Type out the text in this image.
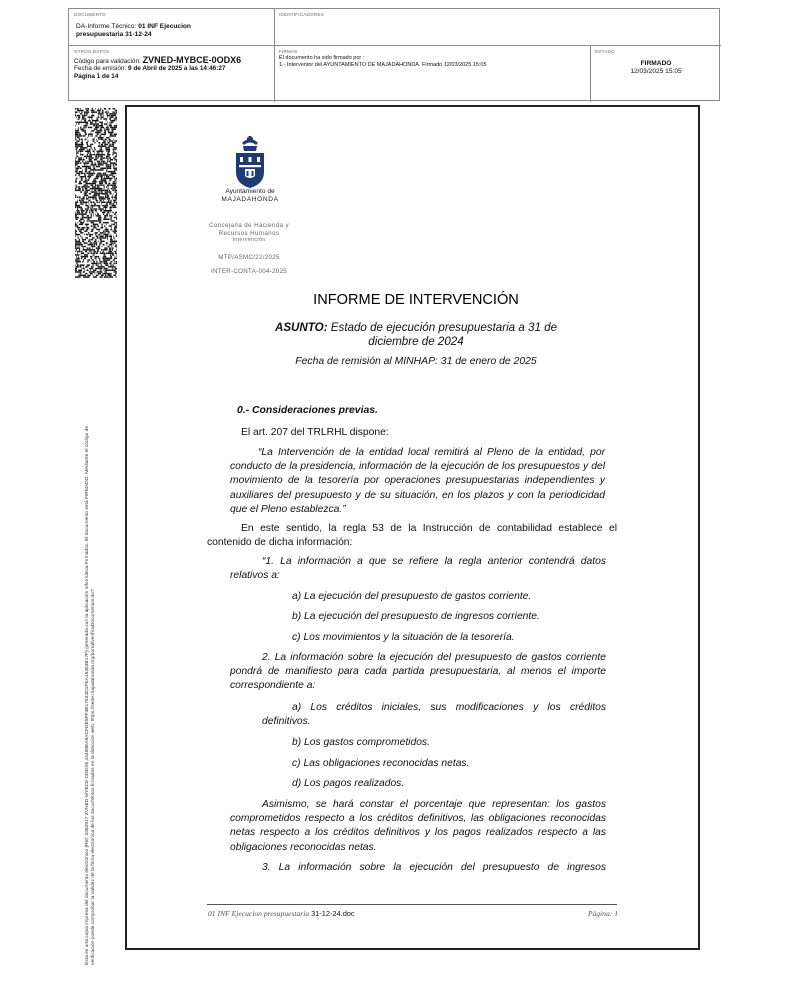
DOCUMENTO
DA-Informe Técnico: 01 INF Ejecucion presupuestaria 31-12-24
IDENTIFICADORES
OTROS DATOS
Código para validación: ZVNED-MYBCE-0ODX6
Fecha de emisión: 9 de Abril de 2025 a las 14:46:27
Página 1 de 14
FIRMAS
El documento ha sido firmado por :
1.- Interventor del AYUNTAMIENTO DE MAJADAHONDA. Firmado 12/03/2025 15:05
ESTADO
FIRMADO
12/03/2025 15:05
Esta es una copia impresa del documento electrónico (Ref: 3462917 ZVNED-MYBCE-0ODX6 44459EA9ACFDE5FF3B17634D1FEA15453B17F) generada con la aplicación informática Firmadoc. El documento está FIRMADO. Mediante el código de verificación puede comprobar la validez de la firma electrónica de los documentos firmados en la dirección web: https://sede.majadahonda.org/portal/verificaDocumentos.do?
Ayuntamiento de
MAJADAHONDA
Concejalía de Hacienda y
Recursos Humanos
Intervención
MTP/ASMC/22/2025
INTER-CONTA-004-2025
INFORME DE INTERVENCIÓN
ASUNTO: Estado de ejecución presupuestaria a 31 de diciembre de 2024
Fecha de remisión al MINHAP: 31 de enero de 2025
0.- Consideraciones previas.

El art. 207 del TRLRHL dispone:

“La Intervención de la entidad local remitirá al Pleno de la entidad, por conducto de la presidencia, información de la ejecución de los presupuestos y del movimiento de la tesorería por operaciones presupuestarias independientes y auxiliares del presupuesto y de su situación, en los plazos y con la periodicidad que el Pleno establezca.”

En este sentido, la regla 53 de la Instrucción de contabilidad establece el contenido de dicha información:

“1. La información a que se refiere la regla anterior contendrá datos relativos a:

a) La ejecución del presupuesto de gastos corriente.

b) La ejecución del presupuesto de ingresos corriente.

c) Los movimientos y la situación de la tesorería.

2. La información sobre la ejecución del presupuesto de gastos corriente pondrá de manifiesto para cada partida presupuestaria, al menos el importe correspondiente a:

a) Los créditos iniciales, sus modificaciones y los créditos definitivos.

b) Los gastos comprometidos.

c) Las obligaciones reconocidas netas.

d) Los pagos realizados.

Asimismo, se hará constar el porcentaje que representan: los gastos comprometidos respecto a los créditos definitivos, las obligaciones reconocidas netas respecto a los créditos definitivos y los pagos realizados respecto a las obligaciones reconocidas netas.

3. La información sobre la ejecución del presupuesto de ingresos

01 INF Ejecucion presupuestaria 31-12-24.doc	Página: 1
